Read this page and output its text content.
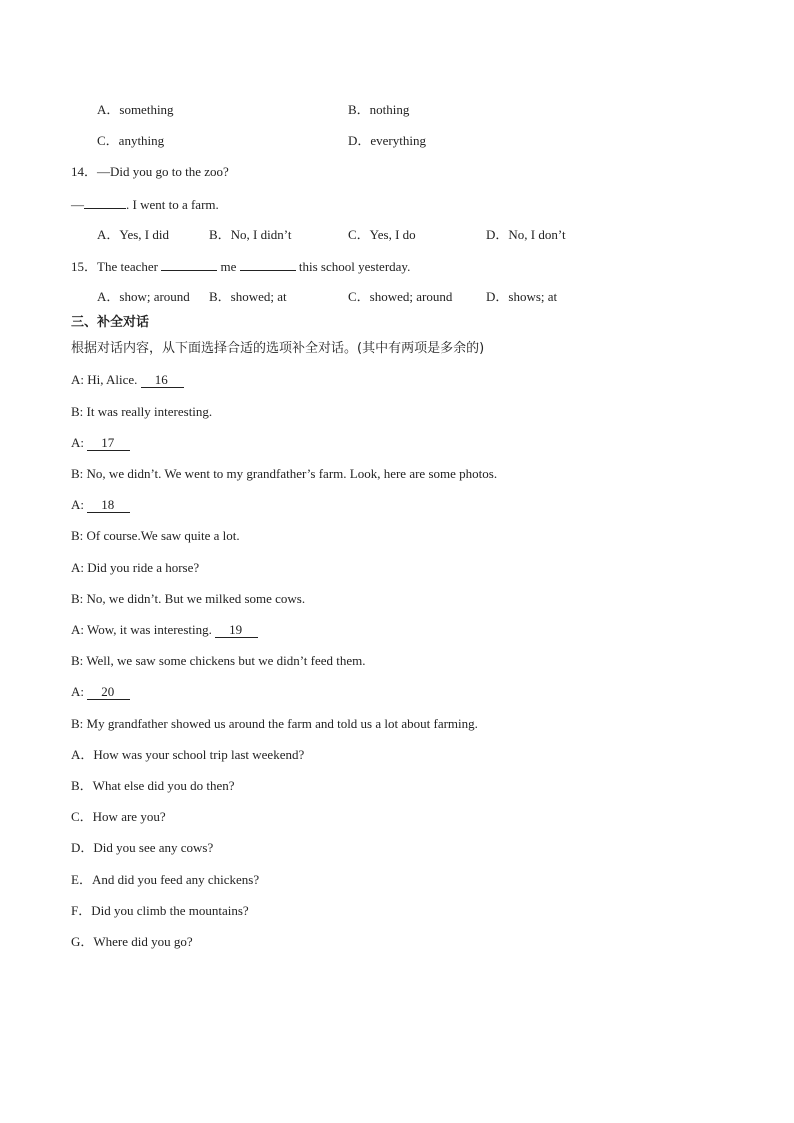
A．something	B．nothing
C．anything	D．everything
14．—Did you go to the zoo?
—	. I went to a farm.
A．Yes, I did	B．No, I didn’t	C．Yes, I do	D．No, I don’t
15．The teacher	me	this school yesterday.
A．show; around B．showed; at	C．showed; around	D．shows; at
三、补全对话
根据对话内容，从下面选择合适的选项补全对话。(其中有两项是多余的)
A: Hi, Alice. 16
B: It was really interesting.
A: 17
B: No, we didn’t. We went to my grandfather’s farm. Look, here are some photos.
A: 18
B: Of course.We saw quite a lot.
A: Did you ride a horse?
B: No, we didn’t. But we milked some cows.
A: Wow, it was interesting. 19
B: Well, we saw some chickens but we didn’t feed them.
A: 20
B: My grandfather showed us around the farm and told us a lot about farming.
A．How was your school trip last weekend?
B．What else did you do then?
C．How are you?
D．Did you see any cows?
E．And did you feed any chickens?
F．Did you climb the mountains?
G．Where did you go?
